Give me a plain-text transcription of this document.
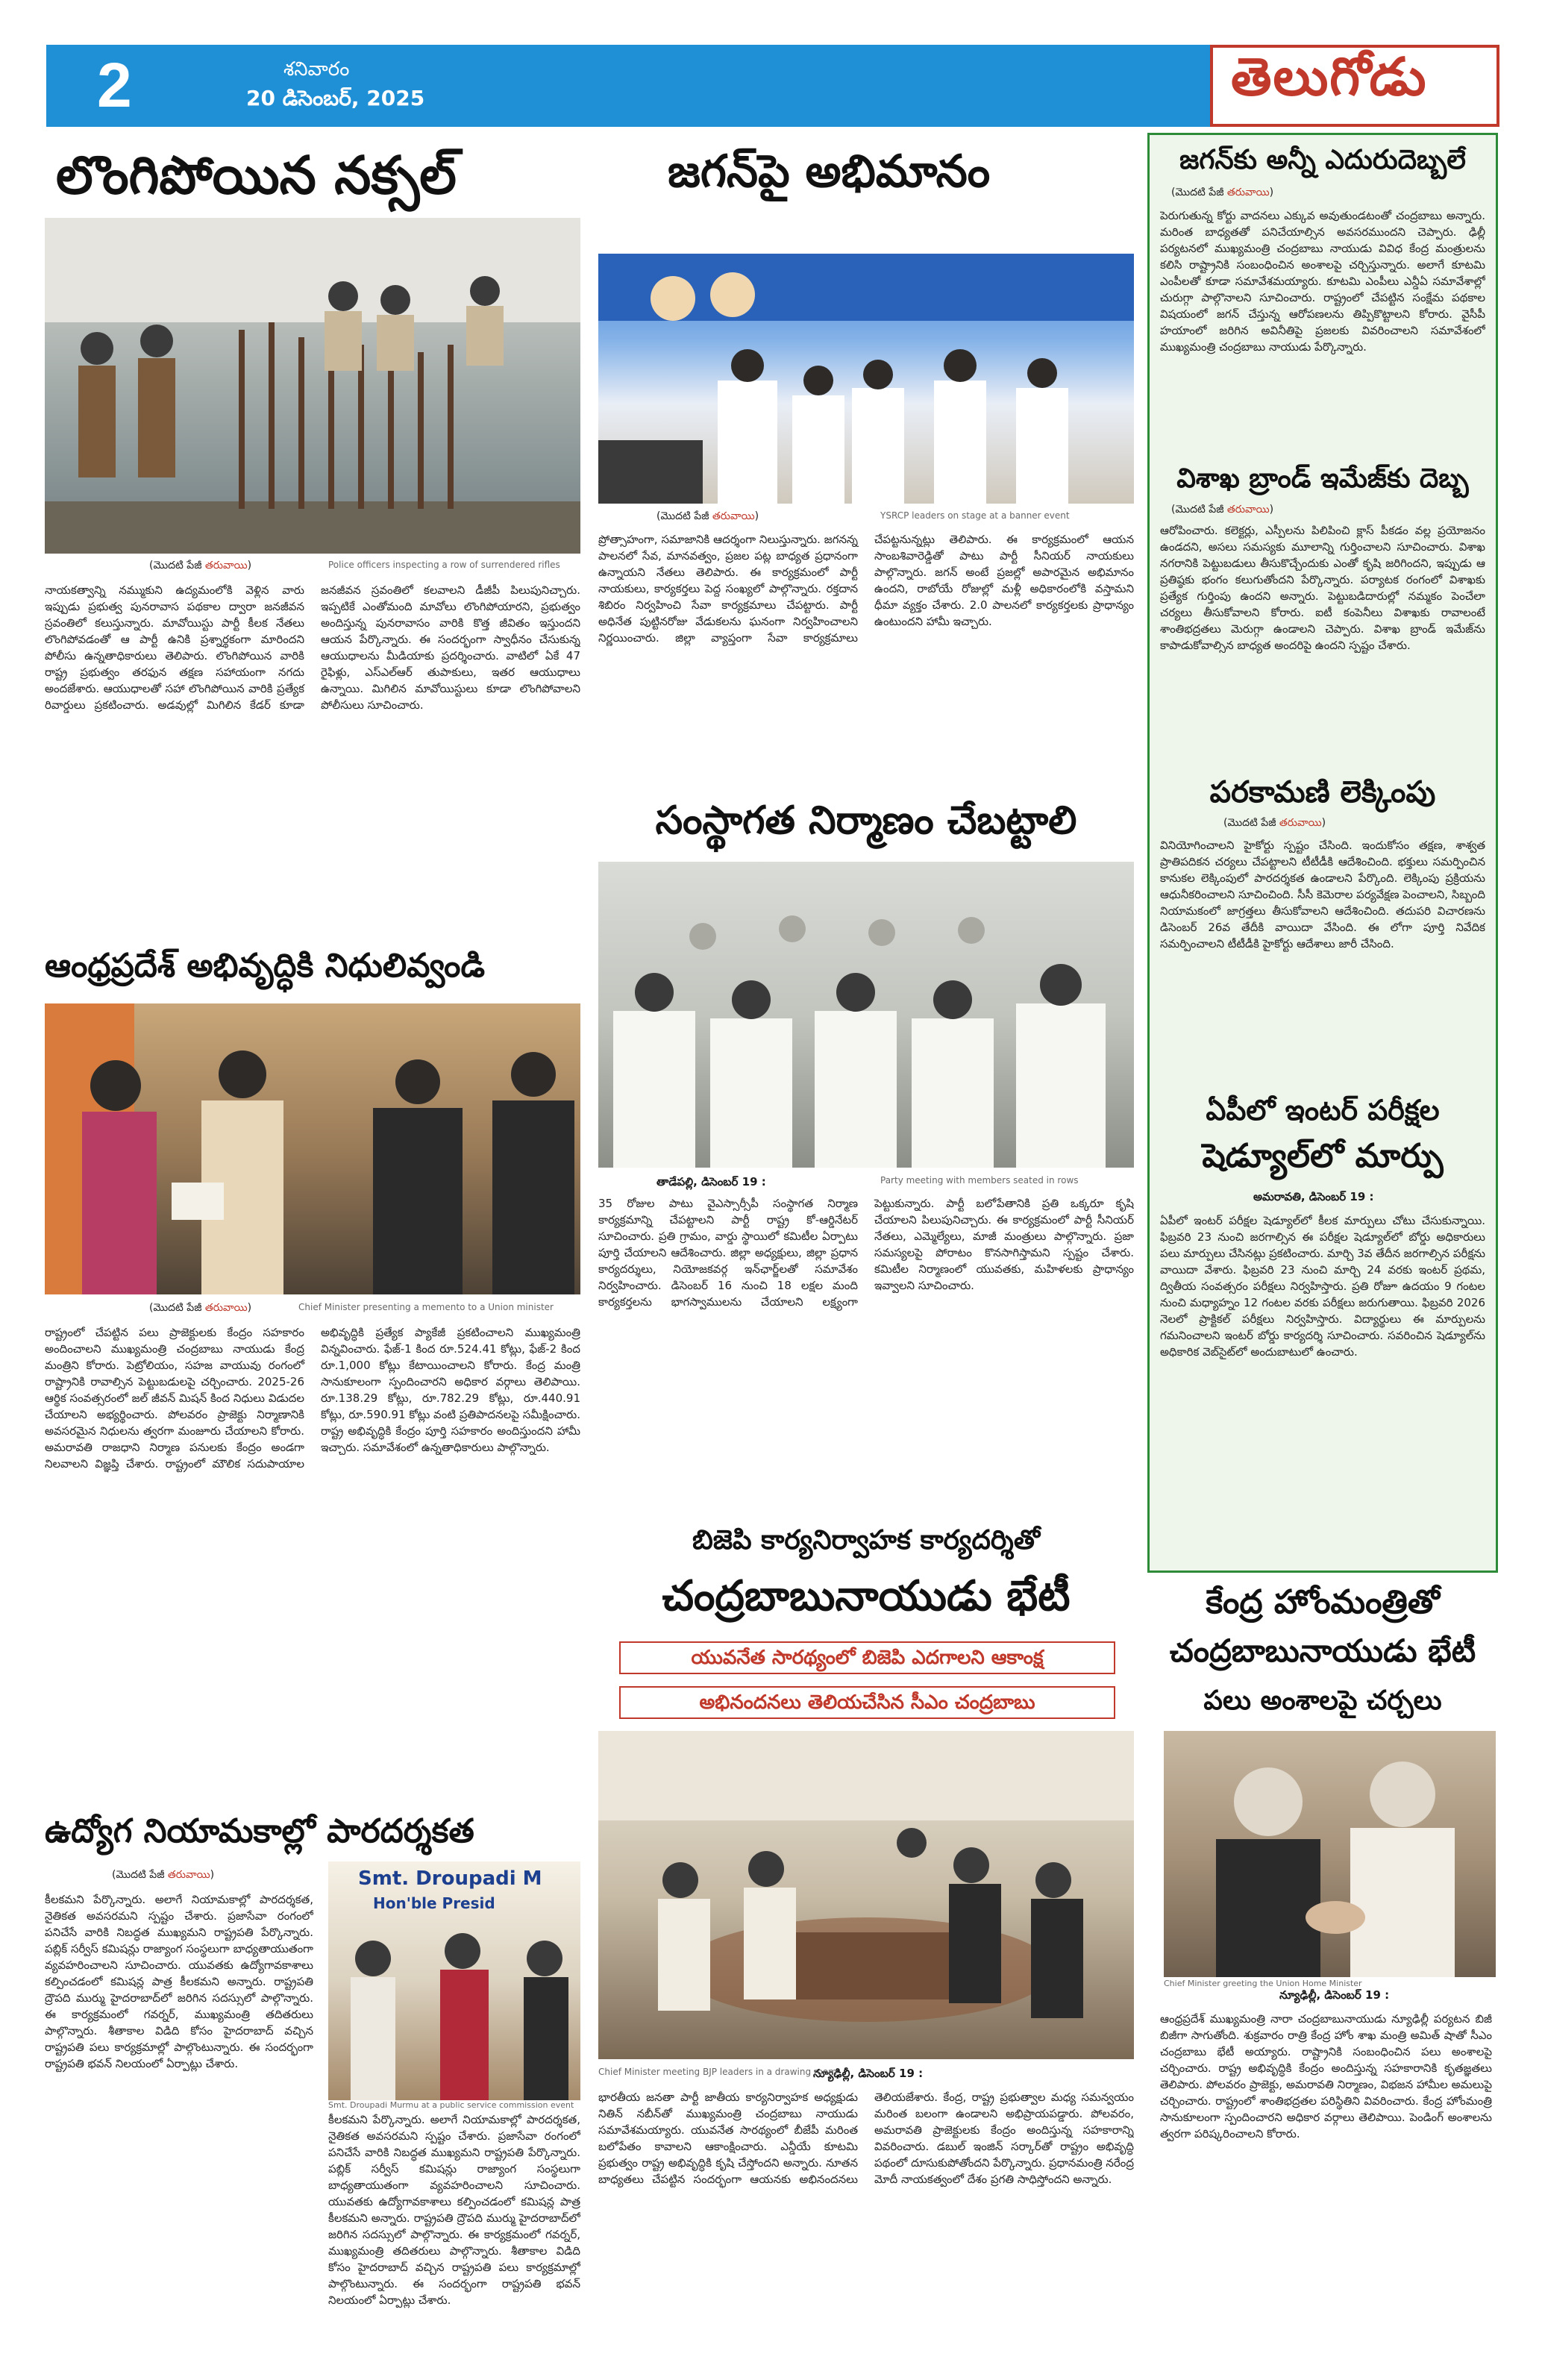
2	శనివారం
20 డిసెంబర్, 2025	తెలుగోడు
లొంగిపోయిన నక్సల్
(మొదటి పేజీ తరువాయి)
నాయకత్వాన్ని నమ్ముకుని ఉద్యమంలోకి వెళ్లిన వారు ఇప్పుడు ప్రభుత్వ పునరావాస పథకాల ద్వారా జనజీవన స్రవంతిలో కలుస్తున్నారు. మావోయిస్టు పార్టీ కీలక నేతలు లొంగిపోవడంతో ఆ పార్టీ ఉనికి ప్రశ్నార్థకంగా మారిందని పోలీసు ఉన్నతాధికారులు తెలిపారు. లొంగిపోయిన వారికి రాష్ట్ర ప్రభుత్వం తరఫున తక్షణ సహాయంగా నగదు అందజేశారు. ఆయుధాలతో సహా లొంగిపోయిన వారికి ప్రత్యేక రివార్డులు ప్రకటించారు. అడవుల్లో మిగిలిన కేడర్ కూడా జనజీవన స్రవంతిలో కలవాలని డీజీపీ పిలుపునిచ్చారు. ఇప్పటికే ఎంతోమంది మావోలు లొంగిపోయారని, ప్రభుత్వం అందిస్తున్న పునరావాసం వారికి కొత్త జీవితం ఇస్తుందని ఆయన పేర్కొన్నారు. ఈ సందర్భంగా స్వాధీనం చేసుకున్న ఆయుధాలను మీడియాకు ప్రదర్శించారు. వాటిలో ఏకే 47 రైఫిళ్లు, ఎస్ఎల్ఆర్ తుపాకులు, ఇతర ఆయుధాలు ఉన్నాయి. మిగిలిన మావోయిస్టులు కూడా లొంగిపోవాలని పోలీసులు సూచించారు.
ఆంధ్రప్రదేశ్ అభివృద్ధికి నిధులివ్వండి
(మొదటి పేజీ తరువాయి)
రాష్ట్రంలో చేపట్టిన పలు ప్రాజెక్టులకు కేంద్రం సహకారం అందించాలని ముఖ్యమంత్రి చంద్రబాబు నాయుడు కేంద్ర మంత్రిని కోరారు. పెట్రోలియం, సహజ వాయువు రంగంలో రాష్ట్రానికి రావాల్సిన పెట్టుబడులపై చర్చించారు. 2025-26 ఆర్థిక సంవత్సరంలో జల్ జీవన్ మిషన్ కింద నిధులు విడుదల చేయాలని అభ్యర్థించారు. పోలవరం ప్రాజెక్టు నిర్మాణానికి అవసరమైన నిధులను త్వరగా మంజూరు చేయాలని కోరారు. అమరావతి రాజధాని నిర్మాణ పనులకు కేంద్రం అండగా నిలవాలని విజ్ఞప్తి చేశారు. రాష్ట్రంలో మౌలిక సదుపాయాల అభివృద్ధికి ప్రత్యేక ప్యాకేజీ ప్రకటించాలని ముఖ్యమంత్రి విన్నవించారు. ఫేజ్-1 కింద రూ.524.41 కోట్లు, ఫేజ్-2 కింద రూ.1,000 కోట్లు కేటాయించాలని కోరారు. కేంద్ర మంత్రి సానుకూలంగా స్పందించారని అధికార వర్గాలు తెలిపాయి. రూ.138.29 కోట్లు, రూ.782.29 కోట్లు, రూ.440.91 కోట్లు, రూ.590.91 కోట్లు వంటి ప్రతిపాదనలపై సమీక్షించారు. రాష్ట్ర అభివృద్ధికి కేంద్రం పూర్తి సహకారం అందిస్తుందని హామీ ఇచ్చారు. సమావేశంలో ఉన్నతాధికారులు పాల్గొన్నారు.
ఉద్యోగ నియామకాల్లో పారదర్శకత
(మొదటి పేజీ తరువాయి)
కీలకమని పేర్కొన్నారు. అలాగే నియామకాల్లో పారదర్శకత, నైతికత అవసరమని స్పష్టం చేశారు. ప్రజాసేవా రంగంలో పనిచేసే వారికి నిబద్ధత ముఖ్యమని రాష్ట్రపతి పేర్కొన్నారు. పబ్లిక్ సర్వీస్ కమిషన్లు రాజ్యాంగ సంస్థలుగా బాధ్యతాయుతంగా వ్యవహరించాలని సూచించారు. యువతకు ఉద్యోగావకాశాలు కల్పించడంలో కమిషన్ల పాత్ర కీలకమని అన్నారు. రాష్ట్రపతి ద్రౌపది ముర్ము హైదరాబాద్‌లో జరిగిన సదస్సులో పాల్గొన్నారు. ఈ కార్యక్రమంలో గవర్నర్, ముఖ్యమంత్రి తదితరులు పాల్గొన్నారు. శీతాకాల విడిది కోసం హైదరాబాద్ వచ్చిన రాష్ట్రపతి పలు కార్యక్రమాల్లో పాల్గొంటున్నారు. ఈ సందర్భంగా రాష్ట్రపతి భవన్ నిలయంలో ఏర్పాట్లు చేశారు.
Smt. Droupadi M
Hon'ble Presid
కీలకమని పేర్కొన్నారు. అలాగే నియామకాల్లో పారదర్శకత, నైతికత అవసరమని స్పష్టం చేశారు. ప్రజాసేవా రంగంలో పనిచేసే వారికి నిబద్ధత ముఖ్యమని రాష్ట్రపతి పేర్కొన్నారు. పబ్లిక్ సర్వీస్ కమిషన్లు రాజ్యాంగ సంస్థలుగా బాధ్యతాయుతంగా వ్యవహరించాలని సూచించారు. యువతకు ఉద్యోగావకాశాలు కల్పించడంలో కమిషన్ల పాత్ర కీలకమని అన్నారు. రాష్ట్రపతి ద్రౌపది ముర్ము హైదరాబాద్‌లో జరిగిన సదస్సులో పాల్గొన్నారు. ఈ కార్యక్రమంలో గవర్నర్, ముఖ్యమంత్రి తదితరులు పాల్గొన్నారు. శీతాకాల విడిది కోసం హైదరాబాద్ వచ్చిన రాష్ట్రపతి పలు కార్యక్రమాల్లో పాల్గొంటున్నారు. ఈ సందర్భంగా రాష్ట్రపతి భవన్ నిలయంలో ఏర్పాట్లు చేశారు.
జగన్‌పై అభిమానం
(మొదటి పేజీ తరువాయి)
ప్రోత్సాహంగా, సమాజానికి ఆదర్శంగా నిలుస్తున్నారు. జగనన్న పాలనలో సేవ, మానవత్వం, ప్రజల పట్ల బాధ్యత ప్రధానంగా ఉన్నాయని నేతలు తెలిపారు. ఈ కార్యక్రమంలో పార్టీ నాయకులు, కార్యకర్తలు పెద్ద సంఖ్యలో పాల్గొన్నారు. రక్తదాన శిబిరం నిర్వహించి సేవా కార్యక్రమాలు చేపట్టారు. పార్టీ అధినేత పుట్టినరోజు వేడుకలను ఘనంగా నిర్వహించాలని నిర్ణయించారు. జిల్లా వ్యాప్తంగా సేవా కార్యక్రమాలు చేపట్టనున్నట్లు తెలిపారు. ఈ కార్యక్రమంలో ఆయన సాంబశివారెడ్డితో పాటు పార్టీ సీనియర్ నాయకులు పాల్గొన్నారు. జగన్ అంటే ప్రజల్లో అపారమైన అభిమానం ఉందని, రాబోయే రోజుల్లో మళ్లీ అధికారంలోకి వస్తామని ధీమా వ్యక్తం చేశారు. 2.0 పాలనలో కార్యకర్తలకు ప్రాధాన్యం ఉంటుందని హామీ ఇచ్చారు.
సంస్థాగత నిర్మాణం చేబట్టాలి
తాడేపల్లి, డిసెంబర్ 19 :
35 రోజుల పాటు వైఎస్సార్సీపీ సంస్థాగత నిర్మాణ కార్యక్రమాన్ని చేపట్టాలని పార్టీ రాష్ట్ర కో-ఆర్డినేటర్ సూచించారు. ప్రతి గ్రామం, వార్డు స్థాయిలో కమిటీల ఏర్పాటు పూర్తి చేయాలని ఆదేశించారు. జిల్లా అధ్యక్షులు, జిల్లా ప్రధాన కార్యదర్శులు, నియోజకవర్గ ఇన్‌ఛార్జ్‌లతో సమావేశం నిర్వహించారు. డిసెంబర్ 16 నుంచి 18 లక్షల మంది కార్యకర్తలను భాగస్వాములను చేయాలని లక్ష్యంగా పెట్టుకున్నారు. పార్టీ బలోపేతానికి ప్రతి ఒక్కరూ కృషి చేయాలని పిలుపునిచ్చారు. ఈ కార్యక్రమంలో పార్టీ సీనియర్ నేతలు, ఎమ్మెల్యేలు, మాజీ మంత్రులు పాల్గొన్నారు. ప్రజా సమస్యలపై పోరాటం కొనసాగిస్తామని స్పష్టం చేశారు. కమిటీల నిర్మాణంలో యువతకు, మహిళలకు ప్రాధాన్యం ఇవ్వాలని సూచించారు.
బిజెపి కార్యనిర్వాహక కార్యదర్శితో
చంద్రబాబునాయుడు భేటీ
యువనేత సారథ్యంలో బిజెపి ఎదగాలని ఆకాంక్ష
అభినందనలు తెలియచేసిన సీఎం చంద్రబాబు
న్యూఢిల్లీ, డిసెంబర్ 19 :
భారతీయ జనతా పార్టీ జాతీయ కార్యనిర్వాహక అధ్యక్షుడు నితిన్ నబీన్‌తో ముఖ్యమంత్రి చంద్రబాబు నాయుడు సమావేశమయ్యారు. యువనేత సారథ్యంలో బీజేపీ మరింత బలోపేతం కావాలని ఆకాంక్షించారు. ఎన్డీయే కూటమి ప్రభుత్వం రాష్ట్ర అభివృద్ధికి కృషి చేస్తోందని అన్నారు. నూతన బాధ్యతలు చేపట్టిన సందర్భంగా ఆయనకు అభినందనలు తెలియజేశారు. కేంద్ర, రాష్ట్ర ప్రభుత్వాల మధ్య సమన్వయం మరింత బలంగా ఉండాలని అభిప్రాయపడ్డారు. పోలవరం, అమరావతి ప్రాజెక్టులకు కేంద్రం అందిస్తున్న సహకారాన్ని వివరించారు. డబుల్ ఇంజిన్ సర్కార్‌తో రాష్ట్రం అభివృద్ధి పథంలో దూసుకుపోతోందని పేర్కొన్నారు. ప్రధానమంత్రి నరేంద్ర మోదీ నాయకత్వంలో దేశం ప్రగతి సాధిస్తోందని అన్నారు.
జగన్‌కు అన్నీ ఎదురుదెబ్బలే
(మొదటి పేజీ తరువాయి)
పెరుగుతున్న కోర్టు వాదనలు ఎక్కువ అవుతుండటంతో చంద్రబాబు అన్నారు. మరింత బాధ్యతతో పనిచేయాల్సిన అవసరముందని చెప్పారు. ఢిల్లీ పర్యటనలో ముఖ్యమంత్రి చంద్రబాబు నాయుడు వివిధ కేంద్ర మంత్రులను కలిసి రాష్ట్రానికి సంబంధించిన అంశాలపై చర్చిస్తున్నారు. అలాగే కూటమి ఎంపీలతో కూడా సమావేశమయ్యారు. కూటమి ఎంపీలు ఎన్డీఏ సమావేశాల్లో చురుగ్గా పాల్గొనాలని సూచించారు. రాష్ట్రంలో చేపట్టిన సంక్షేమ పథకాల విషయంలో జగన్ చేస్తున్న ఆరోపణలను తిప్పికొట్టాలని కోరారు. వైసీపీ హయాంలో జరిగిన అవినీతిపై ప్రజలకు వివరించాలని సమావేశంలో ముఖ్యమంత్రి చంద్రబాబు నాయుడు పేర్కొన్నారు.
విశాఖ బ్రాండ్ ఇమేజ్‌కు దెబ్బ
(మొదటి పేజీ తరువాయి)
ఆరోపించారు. కలెక్టర్లు, ఎస్పీలను పిలిపించి క్లాస్ పీకడం వల్ల ప్రయోజనం ఉండదని, అసలు సమస్యకు మూలాన్ని గుర్తించాలని సూచించారు. విశాఖ నగరానికి పెట్టుబడులు తీసుకొచ్చేందుకు ఎంతో కృషి జరిగిందని, ఇప్పుడు ఆ ప్రతిష్ఠకు భంగం కలుగుతోందని పేర్కొన్నారు. పర్యాటక రంగంలో విశాఖకు ప్రత్యేక గుర్తింపు ఉందని అన్నారు. పెట్టుబడిదారుల్లో నమ్మకం పెంచేలా చర్యలు తీసుకోవాలని కోరారు. ఐటీ కంపెనీలు విశాఖకు రావాలంటే శాంతిభద్రతలు మెరుగ్గా ఉండాలని చెప్పారు. విశాఖ బ్రాండ్ ఇమేజ్‌ను కాపాడుకోవాల్సిన బాధ్యత అందరిపై ఉందని స్పష్టం చేశారు.
పరకామణి లెక్కింపు
(మొదటి పేజీ తరువాయి)
వినియోగించాలని హైకోర్టు స్పష్టం చేసింది. ఇందుకోసం తక్షణ, శాశ్వత ప్రాతిపదికన చర్యలు చేపట్టాలని టీటీడీకి ఆదేశించింది. భక్తులు సమర్పించిన కానుకల లెక్కింపులో పారదర్శకత ఉండాలని పేర్కొంది. లెక్కింపు ప్రక్రియను ఆధునీకరించాలని సూచించింది. సీసీ కెమెరాల పర్యవేక్షణ పెంచాలని, సిబ్బంది నియామకంలో జాగ్రత్తలు తీసుకోవాలని ఆదేశించింది. తదుపరి విచారణను డిసెంబర్ 26వ తేదీకి వాయిదా వేసింది. ఈ లోగా పూర్తి నివేదిక సమర్పించాలని టీటీడీకి హైకోర్టు ఆదేశాలు జారీ చేసింది.
ఏపీలో ఇంటర్ పరీక్షల
షెడ్యూల్‌లో మార్పు
అమరావతి, డిసెంబర్ 19 :
ఏపీలో ఇంటర్ పరీక్షల షెడ్యూల్‌లో కీలక మార్పులు చోటు చేసుకున్నాయి. ఫిబ్రవరి 23 నుంచి జరగాల్సిన ఈ పరీక్షల షెడ్యూల్‌లో బోర్డు అధికారులు పలు మార్పులు చేసినట్లు ప్రకటించారు. మార్చి 3వ తేదీన జరగాల్సిన పరీక్షను వాయిదా వేశారు. ఫిబ్రవరి 23 నుంచి మార్చి 24 వరకు ఇంటర్ ప్రథమ, ద్వితీయ సంవత్సరం పరీక్షలు నిర్వహిస్తారు. ప్రతి రోజూ ఉదయం 9 గంటల నుంచి మధ్యాహ్నం 12 గంటల వరకు పరీక్షలు జరుగుతాయి. ఫిబ్రవరి 2026 నెలలో ప్రాక్టికల్ పరీక్షలు నిర్వహిస్తారు. విద్యార్థులు ఈ మార్పులను గమనించాలని ఇంటర్ బోర్డు కార్యదర్శి సూచించారు. సవరించిన షెడ్యూల్‌ను అధికారిక వెబ్‌సైట్‌లో అందుబాటులో ఉంచారు.
కేంద్ర హోంమంత్రితో
చంద్రబాబునాయుడు భేటీ
పలు అంశాలపై చర్చలు
న్యూఢిల్లీ, డిసెంబర్ 19 :
ఆంధ్రప్రదేశ్ ముఖ్యమంత్రి నారా చంద్రబాబునాయుడు న్యూఢిల్లీ పర్యటన బిజీ బిజీగా సాగుతోంది. శుక్రవారం రాత్రి కేంద్ర హోం శాఖ మంత్రి అమిత్ షాతో సీఎం చంద్రబాబు భేటీ అయ్యారు. రాష్ట్రానికి సంబంధించిన పలు అంశాలపై చర్చించారు. రాష్ట్ర అభివృద్ధికి కేంద్రం అందిస్తున్న సహకారానికి కృతజ్ఞతలు తెలిపారు. పోలవరం ప్రాజెక్టు, అమరావతి నిర్మాణం, విభజన హామీల అమలుపై చర్చించారు. రాష్ట్రంలో శాంతిభద్రతల పరిస్థితిని వివరించారు. కేంద్ర హోంమంత్రి సానుకూలంగా స్పందించారని అధికార వర్గాలు తెలిపాయి. పెండింగ్ అంశాలను త్వరగా పరిష్కరించాలని కోరారు.
YSRCP leaders on stage at a banner event
Police officers inspecting a row of surrendered rifles
Party meeting with members seated in rows
Chief Minister presenting a memento to a Union minister
Smt. Droupadi Murmu at a public service commission event
Chief Minister meeting BJP leaders in a drawing room
Chief Minister greeting the Union Home Minister
